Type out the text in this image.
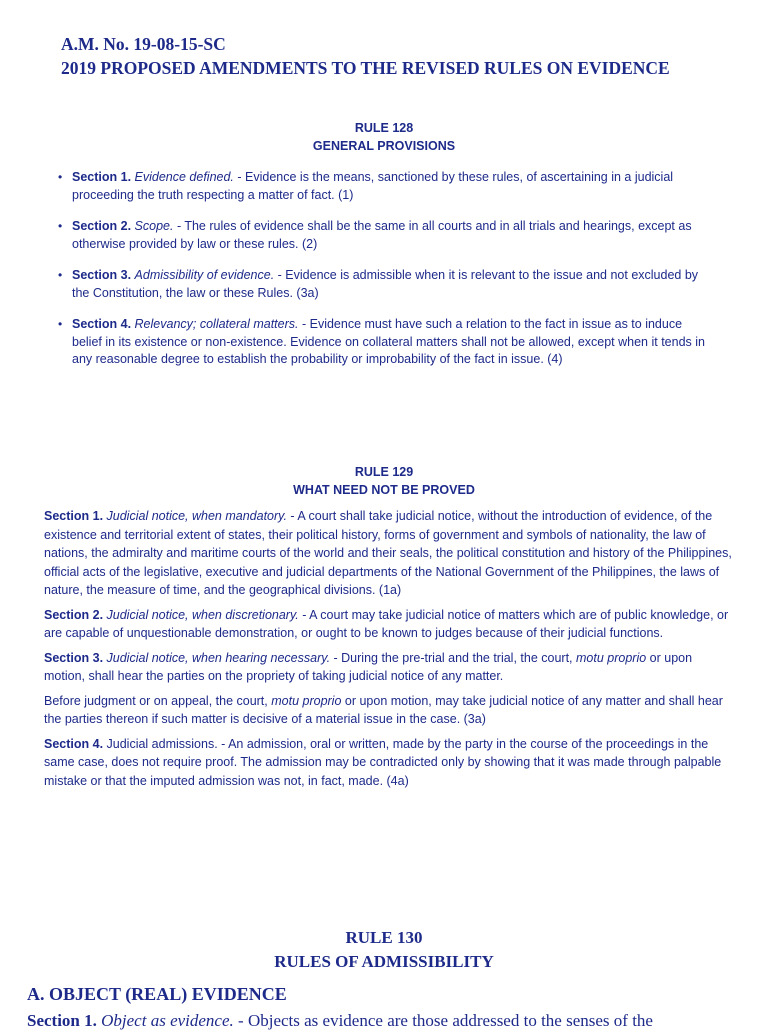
A.M. No. 19-08-15-SC
2019 PROPOSED AMENDMENTS TO THE REVISED RULES ON EVIDENCE
RULE 128
GENERAL PROVISIONS
• Section 1. Evidence defined. - Evidence is the means, sanctioned by these rules, of ascertaining in a judicial proceeding the truth respecting a matter of fact. (1)
• Section 2. Scope. - The rules of evidence shall be the same in all courts and in all trials and hearings, except as otherwise provided by law or these rules. (2)
• Section 3. Admissibility of evidence. - Evidence is admissible when it is relevant to the issue and not excluded by the Constitution, the law or these Rules. (3a)
• Section 4. Relevancy; collateral matters. - Evidence must have such a relation to the fact in issue as to induce belief in its existence or non-existence. Evidence on collateral matters shall not be allowed, except when it tends in any reasonable degree to establish the probability or improbability of the fact in issue. (4)
RULE 129
WHAT NEED NOT BE PROVED

Section 1. Judicial notice, when mandatory. - A court shall take judicial notice, without the introduction of evidence, of the existence and territorial extent of states, their political history, forms of government and symbols of nationality, the law of nations, the admiralty and maritime courts of the world and their seals, the political constitution and history of the Philippines, official acts of the legislative, executive and judicial departments of the National Government of the Philippines, the laws of nature, the measure of time, and the geographical divisions. (1a)

Section 2. Judicial notice, when discretionary. - A court may take judicial notice of matters which are of public knowledge, or are capable of unquestionable demonstration, or ought to be known to judges because of their judicial functions.

Section 3. Judicial notice, when hearing necessary. - During the pre-trial and the trial, the court, motu proprio or upon motion, shall hear the parties on the propriety of taking judicial notice of any matter.

Before judgment or on appeal, the court, motu proprio or upon motion, may take judicial notice of any matter and shall hear the parties thereon if such matter is decisive of a material issue in the case. (3a)

Section 4. Judicial admissions. - An admission, oral or written, made by the party in the course of the proceedings in the same case, does not require proof. The admission may be contradicted only by showing that it was made through palpable mistake or that the imputed admission was not, in fact, made. (4a)

RULE 130
RULES OF ADMISSIBILITY
A. OBJECT (REAL) EVIDENCE
Section 1. Object as evidence. - Objects as evidence are those addressed to the senses of the
